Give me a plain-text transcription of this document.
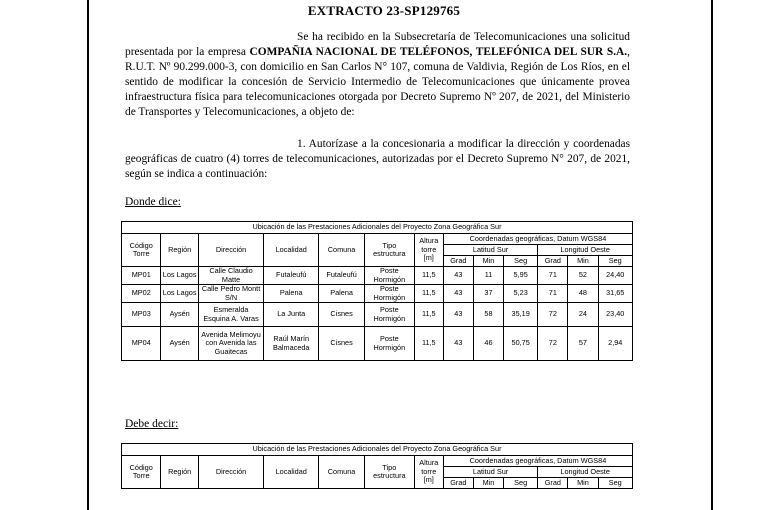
EXTRACTO 23-SP129765
Se ha recibido en la Subsecretaría de Telecomunicaciones una solicitud presentada por la empresa COMPAÑIA NACIONAL DE TELÉFONOS, TELEFÓNICA DEL SUR S.A., R.U.T. Nº 90.299.000-3, con domicilio en San Carlos N° 107, comuna de Valdivia, Región de Los Ríos, en el sentido de modificar la concesión de Servicio Intermedio de Telecomunicaciones que únicamente provea infraestructura física para telecomunicaciones otorgada por Decreto Supremo Nº 207, de 2021, del Ministerio de Transportes y Telecomunicaciones, a objeto de:
1. Autorízase a la concesionaria a modificar la dirección y coordenadas geográficas de cuatro (4) torres de telecomunicaciones, autorizadas por el Decreto Supremo N° 207, de 2021, según se indica a continuación:
Donde dice:
Ubicación de las Prestaciones Adicionales del Proyecto Zona Geográfica Sur												
Código Torre	Región	Dirección	Localidad	Comuna	Tipo estructura	Altura torre [m]	Coordenadas geográficas, Datum WGS84					
							Latitud Sur			Longitud Oeste		
							Grad	Min	Seg	Grad	Min	Seg
MP01	Los Lagos	Calle Claudio Matte	Futaleufú	Futaleufú	Poste Hormigón	11,5	43	11	5,95	71	52	24,40
MP02	Los Lagos	Calle Pedro Montt S/N	Palena	Palena	Poste Hormigón	11,5	43	37	5,23	71	48	31,65
MP03	Aysén	Esmeralda Esquina A. Varas	La Junta	Cisnes	Poste Hormigón	11,5	43	58	35,19	72	24	23,40
MP04	Aysén	Avenida Melimoyu con Avenida las Guaitecas	Raúl Marín Balmaceda	Cisnes	Poste Hormigón	11,5	43	46	50,75	72	57	2,94
Debe decir:
Ubicación de las Prestaciones Adicionales del Proyecto Zona Geográfica Sur												
Código Torre	Región	Dirección	Localidad	Comuna	Tipo estructura	Altura torre [m]	Coordenadas geográficas, Datum WGS84					
							Latitud Sur			Longitud Oeste		
							Grad	Min	Seg	Grad	Min	Seg
